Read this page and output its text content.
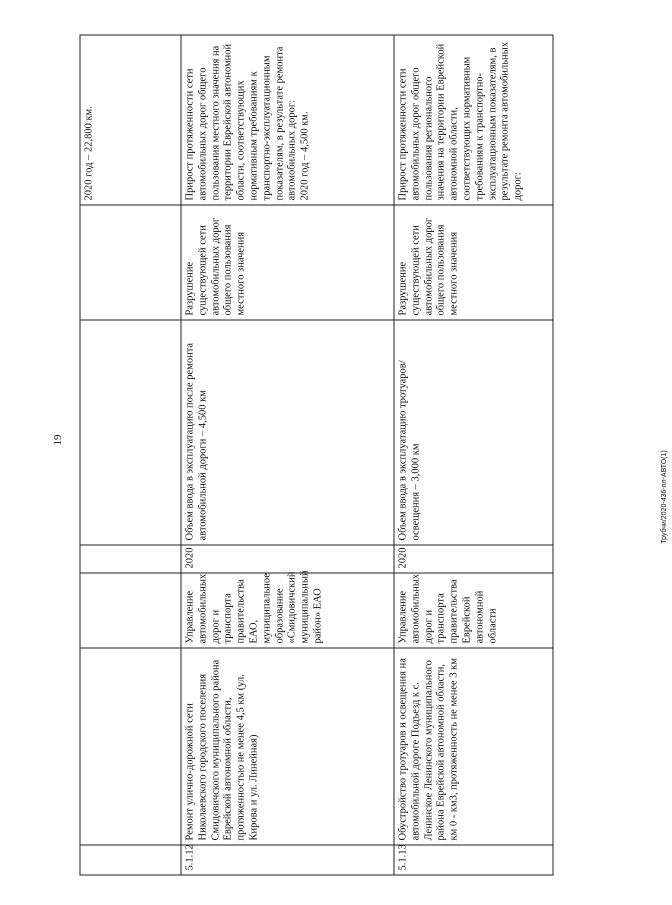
19
						2020 год – 22,800 км.
5.1.12	Ремонт улично-дорожной сети Николаевского городского поселения Смидовичского муниципального района Еврейской автономной области, протяженностью не менее 4,5 км (ул. Кирова и ул. Линейная)	Управление автомобильных дорог и транспорта правительства ЕАО, муниципальное образование «Смидовичский муниципальный район» ЕАО	2020	Объем ввода в эксплуатацию после ремонта автомобильной дороги – 4,500 км	Разрушение существующей сети автомобильных дорог общего пользования местного значения	Прирост протяженности сети автомобильных дорог общего пользования местного значения на территории Еврейской автономной области, соответствующих нормативным требованиям к транспортно-эксплуатационным показателям, в результате ремонта автомобильных дорог:
2020 год – 4,500 км.
5.1.13	Обустройство тротуаров и освещения на автомобильной дороге Подъезд к с. Ленинское Ленинского муниципального района Еврейской автономной области, км 0 - км3, протяженность не менее 3 км	Управление автомобильных дорог и транспорта правительства Еврейской автономной области	2020	Объем ввода в эксплуатацию тротуаров/освещения – 3,000 км	Разрушение существующей сети автомобильных дорог общего пользования местного значения	Прирост протяженности сети автомобильных дорог общего пользования регионального значения на территории Еврейской автономной области, соответствующих нормативным требованиям к транспортно-эксплуатационным показателям, в результате ремонта автомобильных дорог:
Трубчи/2020-436-пл-АВТО(1)
